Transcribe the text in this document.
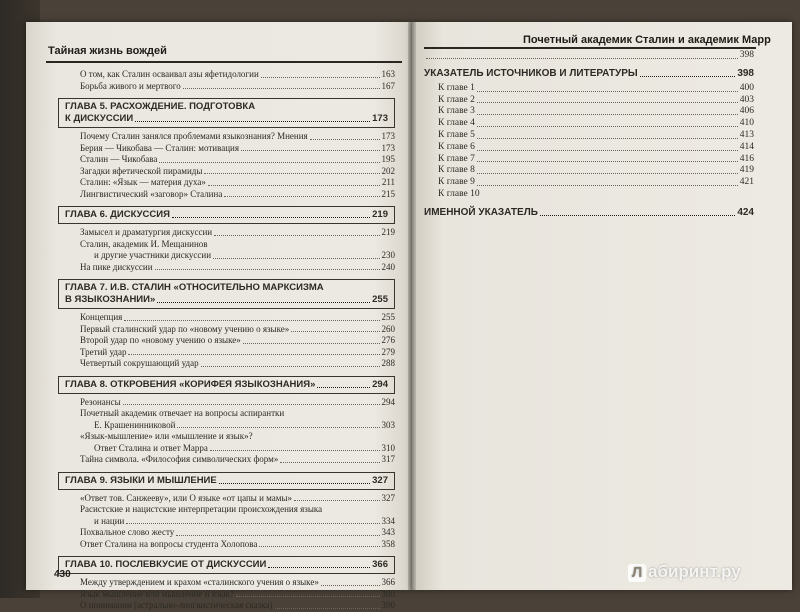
Тайная жизнь вождей
Почетный академик Сталин и академик Марр
О том, как Сталин осваивал азы яфетидологии	163
Борьба живого и мертвого	167
ГЛАВА 5. РАСХОЖДЕНИЕ. ПОДГОТОВКА
К ДИСКУССИИ	173
Почему Сталин занялся проблемами языкознания? Мнения	173
Берия — Чикобава — Сталин: мотивация	173
Сталин — Чикобава	195
Загадки яфетической пирамиды	202
Сталин: «Язык — материя духа»	211
Лингвистический «заговор» Сталина	215
ГЛАВА 6. ДИСКУССИЯ	219
Замысел и драматургия дискуссии	219
Сталин, академик И. Мещанинов
и другие участники дискуссии	230
На пике дискуссии	240
ГЛАВА 7. И.В. СТАЛИН «ОТНОСИТЕЛЬНО МАРКСИЗМА
В ЯЗЫКОЗНАНИИ»	255
Концепция	255
Первый сталинский удар по «новому учению о языке»	260
Второй удар по «новому учению о языке»	276
Третий удар	279
Четвертый сокрушающий удар	288
ГЛАВА 8. ОТКРОВЕНИЯ «КОРИФЕЯ ЯЗЫКОЗНАНИЯ»	294
Резонансы	294
Почетный академик отвечает на вопросы аспирантки
Е. Крашенинниковой	303
«Язык-мышление» или «мышление и язык»?
Ответ Сталина и ответ Марра	310
Тайна символа. «Философия символических форм»	317
ГЛАВА 9. ЯЗЫКИ И МЫШЛЕНИЕ	327
«Ответ тов. Санжееву», или О языке «от цапы и мамы»	327
Расистские и нацистские интерпретации происхождения языка
и нации	334
Похвальное слово жесту	343
Ответ Сталина на вопросы студента Холопова	358
ГЛАВА 10. ПОСЛЕВКУСИЕ ОТ ДИСКУССИИ	366
Между утверждением и крахом «сталинского учения о языке»	366
Язык мышление или мышление и язык?	380
О понимании (астрально-лингвистическая сказка)	390
398
УКАЗАТЕЛЬ ИСТОЧНИКОВ И ЛИТЕРАТУРЫ	398
К главе 1	400
К главе 2	403
К главе 3	406
К главе 4	410
К главе 5	413
К главе 6	414
К главе 7	416
К главе 8	419
К главе 9	421
К главе 10
ИМЕННОЙ УКАЗАТЕЛЬ	424
430	Л абиринт.ру
